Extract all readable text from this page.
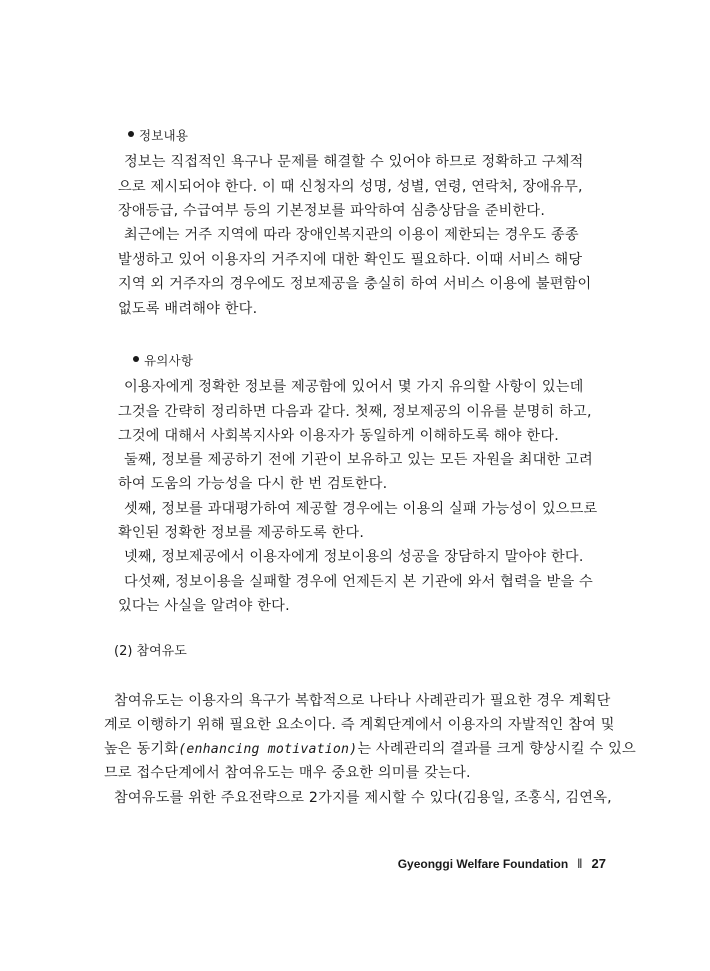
정보내용
정보는 직접적인 욕구나 문제를 해결할 수 있어야 하므로 정확하고 구체적
으로 제시되어야 한다. 이 때 신청자의 성명, 성별, 연령, 연락처, 장애유무,
장애등급, 수급여부 등의 기본정보를 파악하여 심층상담을 준비한다.
최근에는 거주 지역에 따라 장애인복지관의 이용이 제한되는 경우도 종종
발생하고 있어 이용자의 거주지에 대한 확인도 필요하다. 이때 서비스 해당
지역 외 거주자의 경우에도 정보제공을 충실히 하여 서비스 이용에 불편함이
없도록 배려해야 한다.
유의사항
이용자에게 정확한 정보를 제공함에 있어서 몇 가지 유의할 사항이 있는데
그것을 간략히 정리하면 다음과 같다. 첫째, 정보제공의 이유를 분명히 하고,
그것에 대해서 사회복지사와 이용자가 동일하게 이해하도록 해야 한다.
둘째, 정보를 제공하기 전에 기관이 보유하고 있는 모든 자원을 최대한 고려
하여 도움의 가능성을 다시 한 번 검토한다.
셋째, 정보를 과대평가하여 제공할 경우에는 이용의 실패 가능성이 있으므로
확인된 정확한 정보를 제공하도록 한다.
넷째, 정보제공에서 이용자에게 정보이용의 성공을 장담하지 말아야 한다.
다섯째, 정보이용을 실패할 경우에 언제든지 본 기관에 와서 협력을 받을 수
있다는 사실을 알려야 한다.
(2) 참여유도
참여유도는 이용자의 욕구가 복합적으로 나타나 사례관리가 필요한 경우 계획단
계로 이행하기 위해 필요한 요소이다. 즉 계획단계에서 이용자의 자발적인 참여 및
높은 동기화(enhancing motivation)는 사례관리의 결과를 크게 향상시킬 수 있으
므로 접수단계에서 참여유도는 매우 중요한 의미를 갖는다.
참여유도를 위한 주요전략으로 2가지를 제시할 수 있다(김용일, 조홍식, 김연옥,
Gyeonggi Welfare Foundation ‖ 27
